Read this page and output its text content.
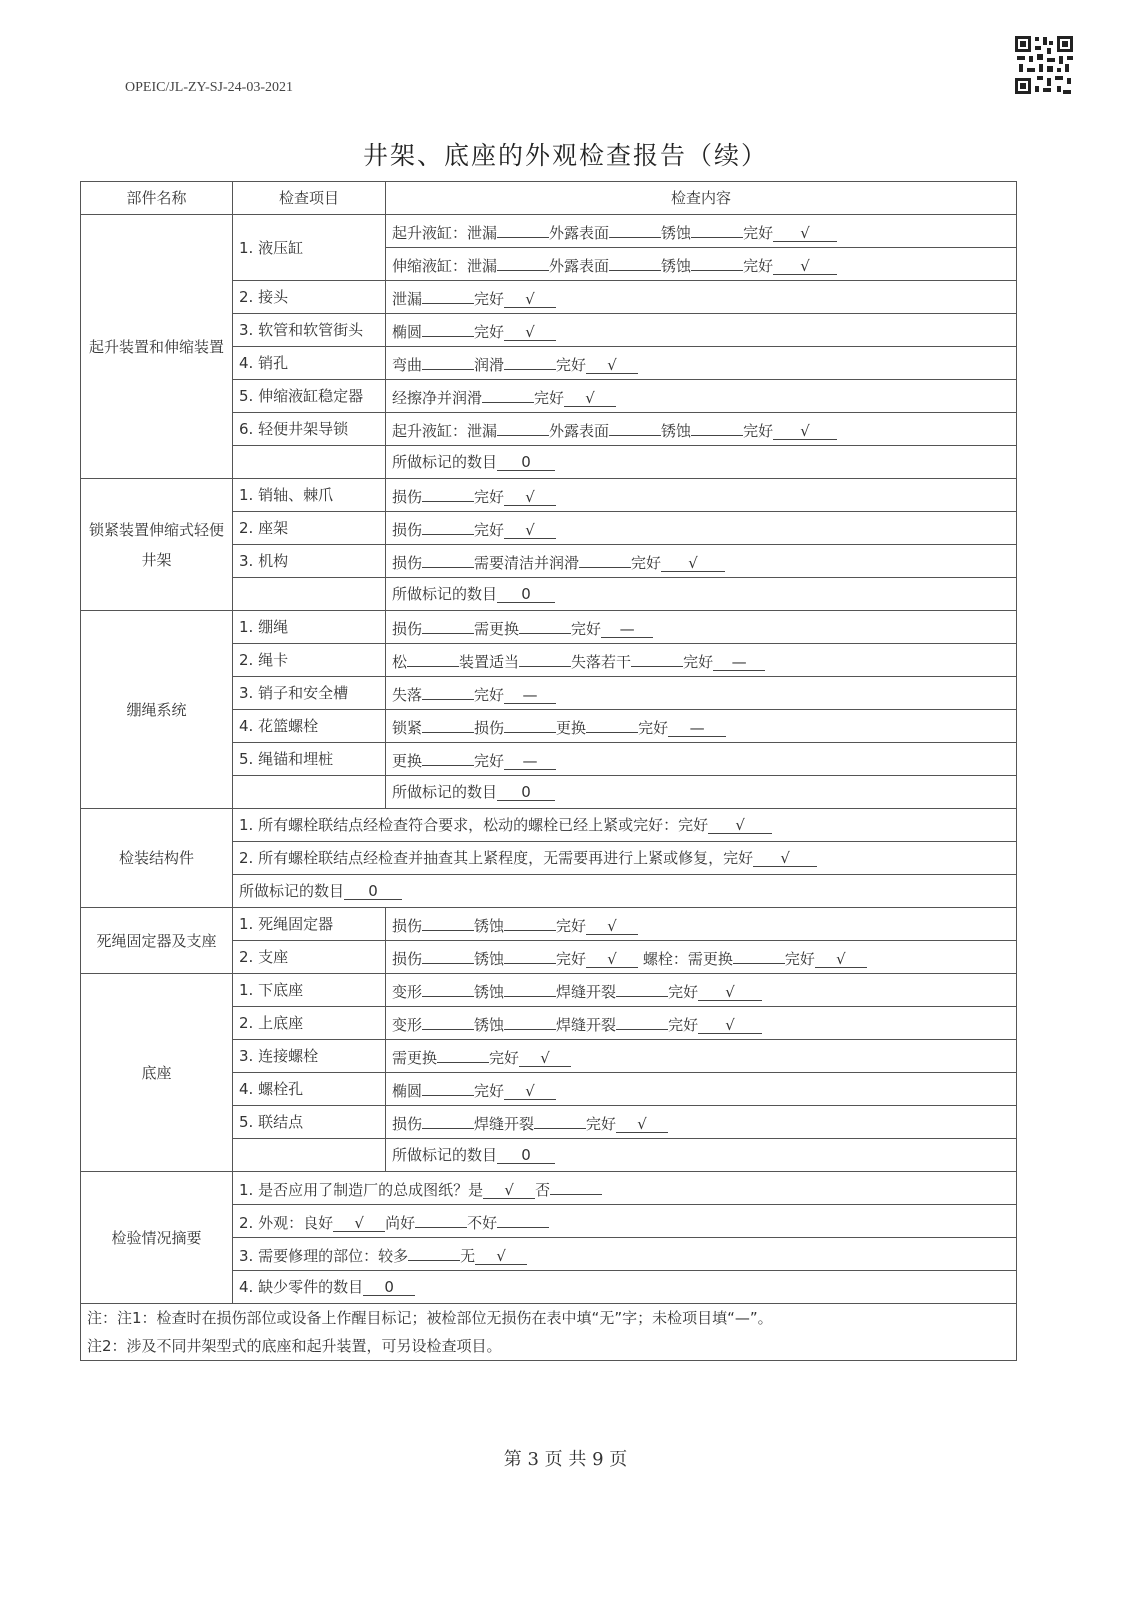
OPEIC/JL-ZY-SJ-24-03-2021
井架、底座的外观检查报告（续）
部件名称	检查项目	检查内容
起升装置和伸缩装置	1. 液压缸	起升液缸：泄漏 外露表面 锈蚀 完好 √
		伸缩液缸：泄漏 外露表面 锈蚀 完好 √
	2. 接头	泄漏 完好 √
	3. 软管和软管街头	椭圆 完好 √
	4. 销孔	弯曲 润滑 完好 √
	5. 伸缩液缸稳定器	经擦净并润滑 完好 √
	6. 轻便井架导锁	起升液缸：泄漏 外露表面 锈蚀 完好 √
		所做标记的数目 0
锁紧装置伸缩式轻便井架	1. 销轴、棘爪	损伤 完好 √
	2. 座架	损伤 完好 √
	3. 机构	损伤 需要清洁并润滑 完好 √
		所做标记的数目 0
绷绳系统	1. 绷绳	损伤 需更换 完好 —
	2. 绳卡	松 装置适当 失落若干 完好 —
	3. 销子和安全槽	失落 完好 —
	4. 花篮螺栓	锁紧 损伤 更换 完好 —
	5. 绳锚和埋桩	更换 完好 —
		所做标记的数目 0
检装结构件	1. 所有螺栓联结点经检查符合要求，松动的螺栓已经上紧或完好：完好 √	
	2. 所有螺栓联结点经检查并抽查其上紧程度，无需要再进行上紧或修复，完好 √	
	所做标记的数目 0	
死绳固定器及支座	1. 死绳固定器	损伤 锈蚀 完好 √
	2. 支座	损伤 锈蚀 完好 √ 螺栓：需更换 完好 √
底座	1. 下底座	变形 锈蚀 焊缝开裂 完好 √
	2. 上底座	变形 锈蚀 焊缝开裂 完好 √
	3. 连接螺栓	需更换 完好 √
	4. 螺栓孔	椭圆 完好 √
	5. 联结点	损伤 焊缝开裂 完好 √
		所做标记的数目 0
检验情况摘要	1. 是否应用了制造厂的总成图纸？是 √ 否	
	2. 外观：良好 √ 尚好 不好	
	3. 需要修理的部位：较多 无 √	
	4. 缺少零件的数目 0	

注：注1：检查时在损伤部位或设备上作醒目标记；被检部位无损伤在表中填“无”字；未检项目填“—”。
注2：涉及不同井架型式的底座和起升装置，可另设检查项目。		
第 3 页 共 9 页
